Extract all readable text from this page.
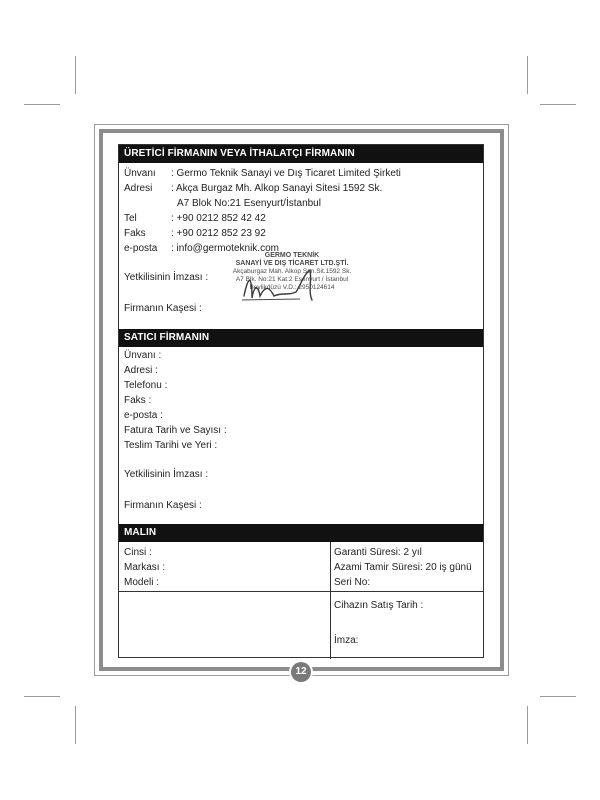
ÜRETİCİ FİRMANIN VEYA İTHALATÇI FİRMANIN
Ünvanı : Germo Teknik Sanayi ve Dış Ticaret Limited Şirketi
Adresi : Akça Burgaz Mh. Alkop Sanayi Sitesi 1592 Sk.
A7 Blok No:21 Esenyurt/İstanbul
Tel	: +90 0212 852 42 42
Faks	: +90 0212 852 23 92
e-posta : info@germoteknik.com
Yetkilisinin İmzası :
Firmanın Kaşesi :
SATICI FİRMANIN
Ünvanı :
Adresi :
Telefonu :
Faks :
e-posta :
Fatura Tarih ve Sayısı :
Teslim Tarihi ve Yeri :
Yetkilisinin İmzası :
Firmanın Kaşesi :
MALIN
Cinsi :
Markası :
Modeli :
Garanti Süresi: 2 yıl
Azami Tamir Süresi: 20 iş günü
Seri No:
Cihazın Satış Tarih :
İmza:
GERMO TEKNİK
SANAYİ VE DIŞ TİCARET LTD.ŞTİ.
Akçaburgaz Mah. Alkop San.Sit.1592 Sk.
A7 Blk. No:21 Kat:2 Esenyurt / İstanbul
Beylikdüzü V.D.: 2950124614
12
